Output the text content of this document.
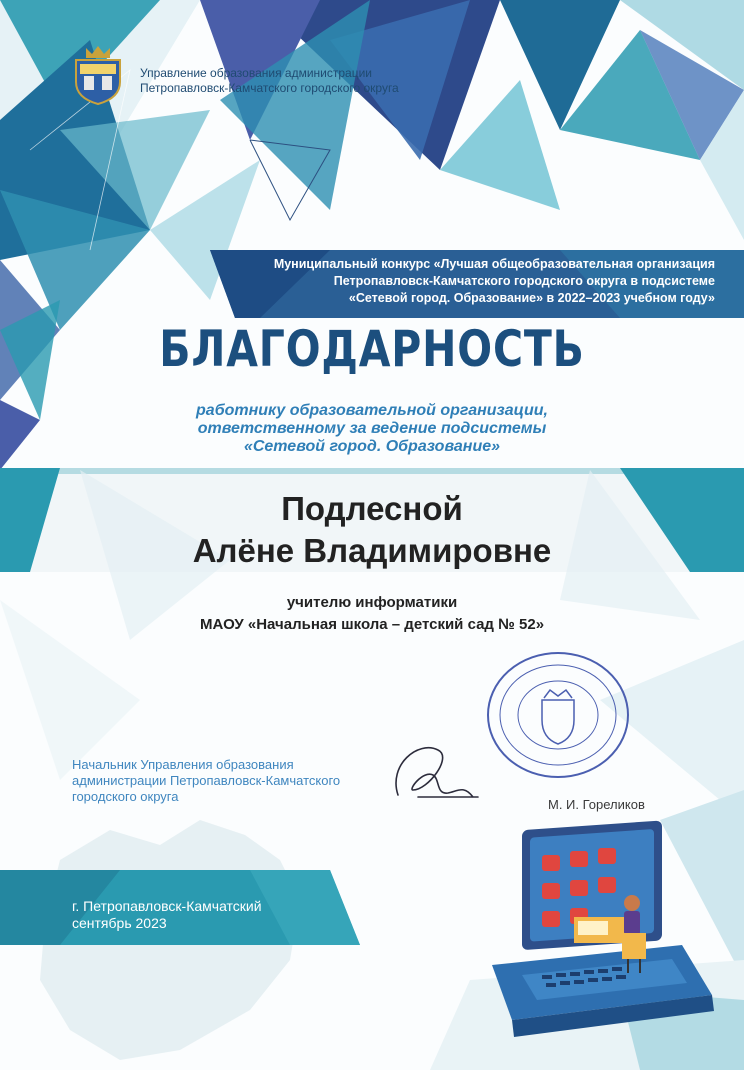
Управление образования администрации
Петропавловск-Камчатского городского округа
Муниципальный конкурс «Лучшая общеобразовательная организация
Петропавловск-Камчатского городского округа в подсистеме
«Сетевой город. Образование» в 2022–2023 учебном году»
БЛАГОДАРНОСТЬ
работнику образовательной организации,
ответственному за ведение подсистемы
«Сетевой город. Образование»
Подлесной
Алёне Владимировне
учителю информатики
МАОУ «Начальная школа – детский сад № 52»
Начальник Управления образования
администрации Петропавловск-Камчатского
городского округа
М. И. Гореликов
г. Петропавловск-Камчатский
сентябрь 2023
